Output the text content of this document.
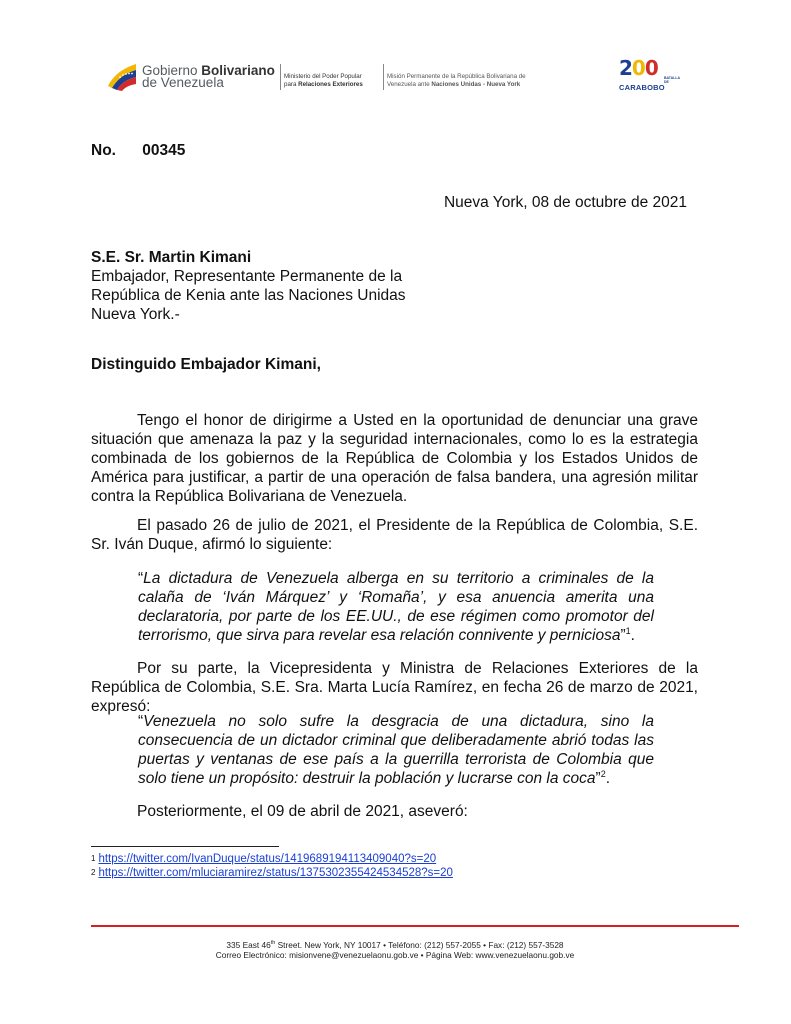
Gobierno Bolivariano
de Venezuela	Ministerio del Poder Popular
para Relaciones Exteriores
Misión Permanente de la República Bolivariana de
Venezuela ante Naciones Unidas - Nueva York
200 BATALLA
DE
CARABOBO
No. 00345
Nueva York, 08 de octubre de 2021
S.E. Sr. Martin Kimani
Embajador, Representante Permanente de la
República de Kenia ante las Naciones Unidas
Nueva York.-
Distinguido Embajador Kimani,
Tengo el honor de dirigirme a Usted en la oportunidad de denunciar una grave situación que amenaza la paz y la seguridad internacionales, como lo es la estrategia combinada de los gobiernos de la República de Colombia y los Estados Unidos de América para justificar, a partir de una operación de falsa bandera, una agresión militar contra la República Bolivariana de Venezuela.
El pasado 26 de julio de 2021, el Presidente de la República de Colombia, S.E. Sr. Iván Duque, afirmó lo siguiente:
“La dictadura de Venezuela alberga en su territorio a criminales de la calaña de ‘Iván Márquez’ y ‘Romaña’, y esa anuencia amerita una declaratoria, por parte de los EE.UU., de ese régimen como promotor del terrorismo, que sirva para revelar esa relación connivente y perniciosa”$^1$.
Por su parte, la Vicepresidenta y Ministra de Relaciones Exteriores de la República de Colombia, S.E. Sra. Marta Lucía Ramírez, en fecha 26 de marzo de 2021, expresó:
“Venezuela no solo sufre la desgracia de una dictadura, sino la consecuencia de un dictador criminal que deliberadamente abrió todas las puertas y ventanas de ese país a la guerrilla terrorista de Colombia que solo tiene un propósito: destruir la población y lucrarse con la coca”$^2$.
Posteriormente, el 09 de abril de 2021, aseveró:
$^1$ https://twitter.com/IvanDuque/status/1419689194113409040?s=20
$^2$ https://twitter.com/mluciaramirez/status/1375302355424534528?s=20
335 East 46th Street. New York, NY 10017 • Teléfono: (212) 557-2055 • Fax: (212) 557-3528
Correo Electrónico: misionvene@venezuelaonu.gob.ve • Página Web: www.venezuelaonu.gob.ve
